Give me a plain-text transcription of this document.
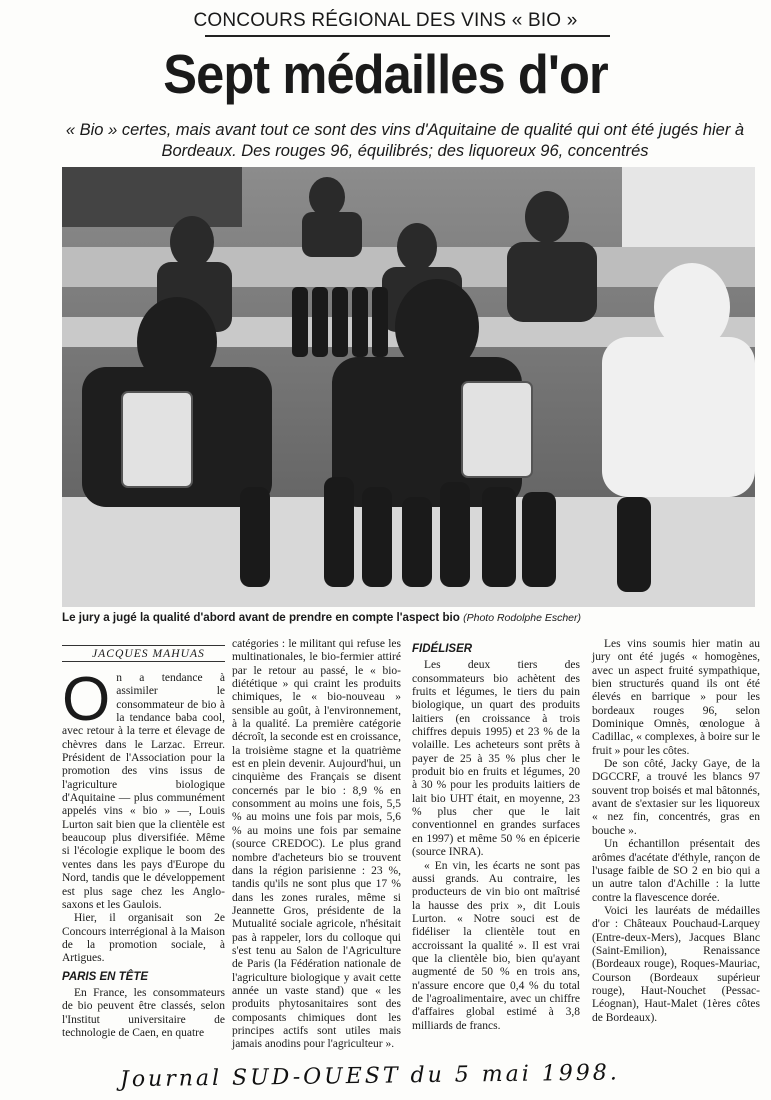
CONCOURS RÉGIONAL DES VINS « BIO »
Sept médailles d'or
« Bio » certes, mais avant tout ce sont des vins d'Aquitaine de qualité qui ont été jugés hier à Bordeaux. Des rouges 96, équilibrés; des liquoreux 96, concentrés
Le jury a jugé la qualité d'abord avant de prendre en compte l'aspect bio (Photo Rodolphe Escher)
JACQUES MAHUAS

On a tendance à assimiler le consommateur de bio à la tendance baba cool, avec retour à la terre et élevage de chèvres dans le Larzac. Erreur. Président de l'Association pour la promotion des vins issus de l'agriculture biologique d'Aquitaine — plus communément appelés vins « bio » —, Louis Lurton sait bien que la clientèle est beaucoup plus diversifiée. Même si l'écologie explique le boom des ventes dans les pays d'Europe du Nord, tandis que le développement est plus sage chez les Anglo-saxons et les Gaulois.

Hier, il organisait son 2e Concours interrégional à la Maison de la promotion sociale, à Artigues.

PARIS EN TÊTE

En France, les consommateurs de bio peuvent être classés, selon l'Institut universitaire de technologie de Caen, en quatre

FIDÉLISER

Les deux tiers des consommateurs bio achètent des fruits et légumes, le tiers du pain biologique, un quart des produits laitiers (en croissance à trois chiffres depuis 1995) et 23 % de la volaille. Les acheteurs sont prêts à payer de 25 à 35 % plus cher le produit bio en fruits et légumes, 20 à 30 % pour les produits laitiers de lait bio UHT était, en moyenne, 23 % plus cher que le lait conventionnel en grandes surfaces en 1997) et même 50 % en épicerie (source INRA).

« En vin, les écarts ne sont pas aussi grands. Au contraire, les producteurs de vin bio ont maîtrisé la hausse des prix », dit Louis Lurton. « Notre souci est de fidéliser la clientèle tout en accroissant la qualité ». Il est vrai que la clientèle bio, bien qu'ayant augmenté de 50 % en trois ans, n'assure encore que 0,4 % du total de l'agroalimentaire, avec un chiffre d'affaires global estimé à 3,8 milliards de francs.

Les vins soumis hier matin au jury ont été jugés « homogènes, avec un aspect fruité sympathique, bien structurés quand ils ont été élevés en barrique » pour les bordeaux rouges 96, selon Dominique Omnès, œnologue à Cadillac, « complexes, à boire sur le fruit » pour les côtes.

De son côté, Jacky Gaye, de la DGCCRF, a trouvé les blancs 97 souvent trop boisés et mal bâtonnés, avant de s'extasier sur les liquoreux « nez fin, concentrés, gras en bouche ».

Un échantillon présentait des arômes d'acétate d'éthyle, rançon de l'usage faible de SO 2 en bio qui a un autre talon d'Achille : la lutte contre la flavescence dorée.

Voici les lauréats de médailles d'or : Châteaux Pouchaud-Larquey (Entre-deux-Mers), Jacques Blanc (Saint-Emilion), Renaissance (Bordeaux rouge), Roques-Mauriac, Courson (Bordeaux supérieur rouge), Haut-Nouchet (Pessac-Léognan), Haut-Malet (1ères côtes de Bordeaux).

Journal SUD-OUEST du 5 mai 1998.

catégories : le militant qui refuse les multinationales, le bio-fermier attiré par le retour au passé, le « bio-diététique » qui craint les produits chimiques, le « bio-nouveau » sensible au goût, à l'environnement, à la qualité. La première catégorie décroît, la seconde est en croissance, la troisième stagne et la quatrième est en plein devenir. Aujourd'hui, un cinquième des Français se disent concernés par le bio : 8,9 % en consomment au moins une fois, 5,5 % au moins une fois par mois, 5,6 % au moins une fois par semaine (source CREDOC). Le plus grand nombre d'acheteurs bio se trouvent dans la région parisienne : 23 %, tandis qu'ils ne sont plus que 17 % dans les zones rurales, même si Jeannette Gros, présidente de la Mutualité sociale agricole, n'hésitait pas à rappeler, lors du colloque qui s'est tenu au Salon de l'Agriculture de Paris (la Fédération nationale de l'agriculture biologique y avait cette année un vaste stand) que « les produits phytosanitaires sont des composants chimiques dont les principes actifs sont utiles mais jamais anodins pour l'agriculteur ».
